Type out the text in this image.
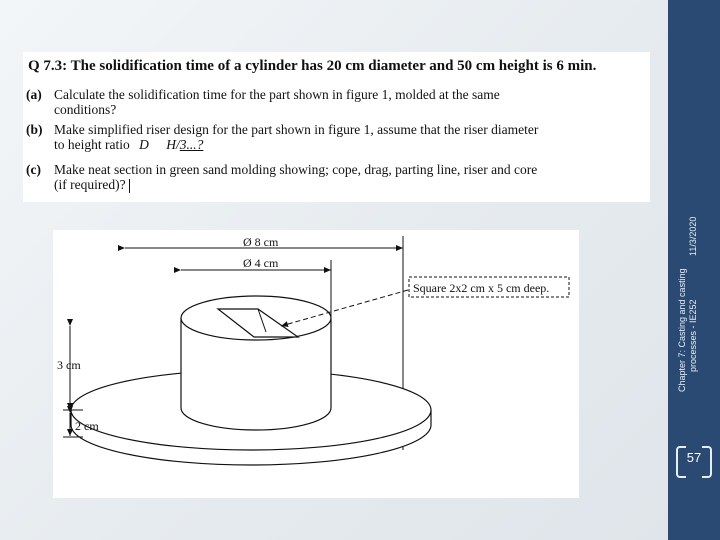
11/3/2020
Chapter 7: Casting and casting processes - IE252
57
Q 7.3: The solidification time of a cylinder has 20 cm diameter and 50 cm height is 6 min.
(a) Calculate the solidification time for the part shown in figure 1, molded at the same
conditions?
(b) Make simplified riser design for the part shown in figure 1, assume that the riser diameter
to height ratio D H/3...?
(c) Make neat section in green sand molding showing; cope, drag, parting line, riser and core
(if required)?
Ø 8 cm
Ø 4 cm
Square 2x2 cm x 5 cm deep.
3 cm
2 cm
